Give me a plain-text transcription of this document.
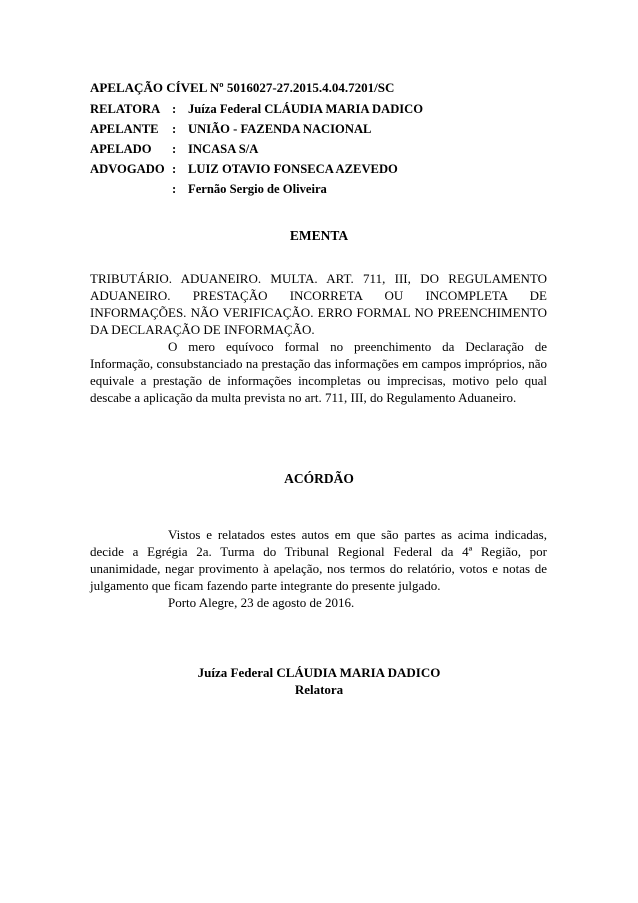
APELAÇÃO CÍVEL Nº 5016027-27.2015.4.04.7201/SC
RELATORA : Juíza Federal CLÁUDIA MARIA DADICO
APELANTE	: UNIÃO - FAZENDA NACIONAL
APELADO	: INCASA S/A
ADVOGADO : LUIZ OTAVIO FONSECA AZEVEDO
: Fernão Sergio de Oliveira
EMENTA

TRIBUTÁRIO. ADUANEIRO. MULTA. ART. 711, III, DO REGULAMENTO ADUANEIRO. PRESTAÇÃO INCORRETA OU INCOMPLETA DE INFORMAÇÕES. NÃO VERIFICAÇÃO. ERRO FORMAL NO PREENCHIMENTO DA DECLARAÇÃO DE INFORMAÇÃO.

O mero equívoco formal no preenchimento da Declaração de Informação, consubstanciado na prestação das informações em campos impróprios, não equivale a prestação de informações incompletas ou imprecisas, motivo pelo qual descabe a aplicação da multa prevista no art. 711, III, do Regulamento Aduaneiro.

ACÓRDÃO

Vistos e relatados estes autos em que são partes as acima indicadas, decide a Egrégia 2a. Turma do Tribunal Regional Federal da 4ª Região, por unanimidade, negar provimento à apelação, nos termos do relatório, votos e notas de julgamento que ficam fazendo parte integrante do presente julgado.

Porto Alegre, 23 de agosto de 2016.

Juíza Federal CLÁUDIA MARIA DADICO
Relatora
